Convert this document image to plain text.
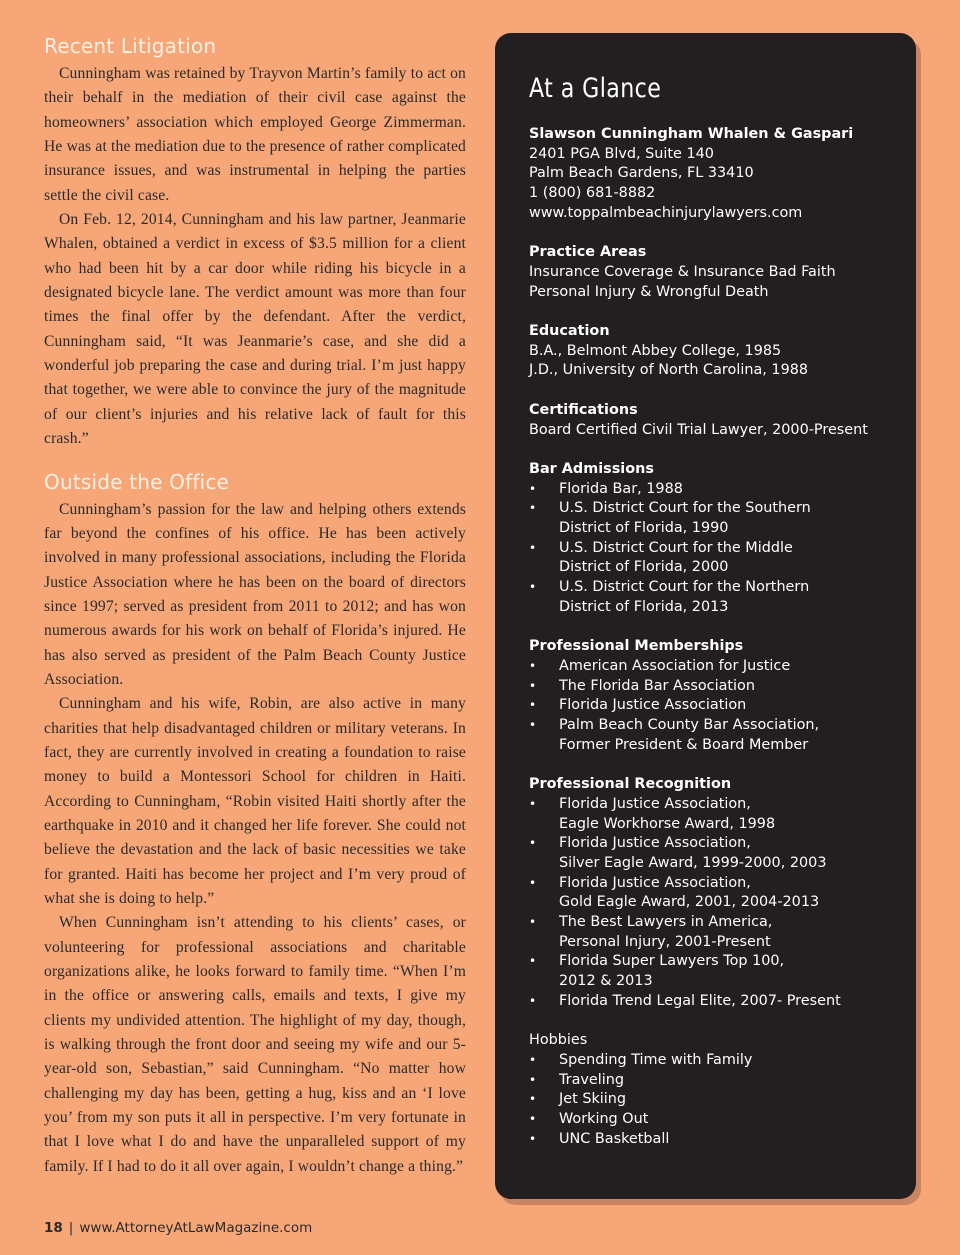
Recent Litigation

Cunningham was retained by Trayvon Martin’s family to act on their behalf in the mediation of their civil case against the homeowners’ association which employed George Zimmerman. He was at the mediation due to the presence of rather complicated insurance issues, and was instrumental in helping the parties settle the civil case.

On Feb. 12, 2014, Cunningham and his law partner, Jeanmarie Whalen, obtained a verdict in excess of $3.5 million for a client who had been hit by a car door while riding his bicycle in a designated bicycle lane. The verdict amount was more than four times the final offer by the defendant. After the verdict, Cunningham said, “It was Jeanmarie’s case, and she did a wonderful job preparing the case and during trial. I’m just happy that together, we were able to convince the jury of the magnitude of our client’s injuries and his relative lack of fault for this crash.”

Outside the Office

Cunningham’s passion for the law and helping others extends far beyond the confines of his office. He has been actively involved in many professional associations, including the Florida Justice Association where he has been on the board of directors since 1997; served as president from 2011 to 2012; and has won numerous awards for his work on behalf of Florida’s injured. He has also served as president of the Palm Beach County Justice Association.

Cunningham and his wife, Robin, are also active in many charities that help disadvantaged children or military veterans. In fact, they are currently involved in creating a foundation to raise money to build a Montessori School for children in Haiti. According to Cunningham, “Robin visited Haiti shortly after the earthquake in 2010 and it changed her life forever. She could not believe the devastation and the lack of basic necessities we take for granted. Haiti has become her project and I’m very proud of what she is doing to help.”

When Cunningham isn’t attending to his clients’ cases, or volunteering for professional associations and charitable organizations alike, he looks forward to family time. “When I’m in the office or answering calls, emails and texts, I give my clients my undivided attention. The highlight of my day, though, is walking through the front door and seeing my wife and our 5-year-old son, Sebastian,” said Cunningham. “No matter how challenging my day has been, getting a hug, kiss and an ‘I love you’ from my son puts it all in perspective. I’m very fortunate in that I love what I do and have the unparalleled support of my family. If I had to do it all over again, I wouldn’t change a thing.”

At a Glance
Slawson Cunningham Whalen & Gaspari
2401 PGA Blvd, Suite 140
Palm Beach Gardens, FL 33410
1 (800) 681-8882
www.toppalmbeachinjurylawyers.com
Practice Areas
Insurance Coverage & Insurance Bad Faith
Personal Injury & Wrongful Death
Education
B.A., Belmont Abbey College, 1985
J.D., University of North Carolina, 1988
Certifications
Board Certified Civil Trial Lawyer, 2000-Present
Bar Admissions
• Florida Bar, 1988
• U.S. District Court for the Southern
District of Florida, 1990
• U.S. District Court for the Middle
District of Florida, 2000
• U.S. District Court for the Northern
District of Florida, 2013
Professional Memberships
• American Association for Justice
• The Florida Bar Association
• Florida Justice Association
• Palm Beach County Bar Association,
Former President & Board Member
Professional Recognition
• Florida Justice Association,
Eagle Workhorse Award, 1998
• Florida Justice Association,
Silver Eagle Award, 1999-2000, 2003
• Florida Justice Association,
Gold Eagle Award, 2001, 2004-2013
• The Best Lawyers in America,
Personal Injury, 2001-Present
• Florida Super Lawyers Top 100,
2012 & 2013
• Florida Trend Legal Elite, 2007- Present
Hobbies
• Spending Time with Family
• Traveling
• Jet Skiing
• Working Out
• UNC Basketball
18 | www.AttorneyAtLawMagazine.com
